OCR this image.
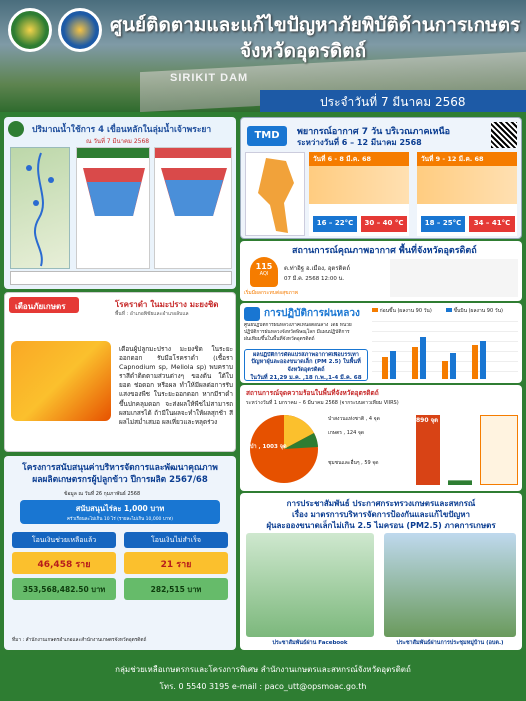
SIRIKIT DAM
ศูนย์ติดตามและแก้ไขปัญหาภัยพิบัติด้านการเกษตร
จังหวัดอุตรดิตถ์
ประจำวันที่ 7 มีนาคม 2568
ปริมาณน้ำใช้การ 4 เขื่อนหลักในลุ่มน้ำเจ้าพระยา
ณ วันที่ 7 มีนาคม 2568
TMD	พยากรณ์อากาศ 7 วัน บริเวณภาคเหนือ
ระหว่างวันที่ 6 – 12 มีนาคม 2568
วันที่ 6 - 8 มี.ค. 68
16 – 22°C	30 – 40 °C
วันที่ 9 - 12 มี.ค. 68
18 – 25°C	34 – 41°C
สถานการณ์คุณภาพอากาศ พื้นที่จังหวัดอุตรดิตถ์
115
AQI
ต.ท่าอิฐ อ.เมือง, อุตรดิตถ์
07 มี.ค. 2568 12:00 น.
เริ่มมีผลกระทบต่อสุขภาพ
เตือนภัยเกษตร	โรคราดำ ในมะปราง มะยงชิด
พื้นที่ : อำเภอพิชัยและอำเภอลับแล
เตือนผู้ปลูกมะปราง มะยงชิด ในระยะ ออกดอก รับมือโรคราดำ (เชื้อรา Capnodium sp, Meliola sp) พบคราบราสีดำติดตามส่วนต่างๆ ของต้น ใต้ใบ ยอด ช่อดอก หรือผล ทำให้มีผลต่อการรับแสงของพืช ในระยะออกดอก หากมีราดำขึ้นปกคลุมดอก จะส่งผลให้พืชไม่สามารถผสมเกสรได้ ถ้ามีในผลจะทำให้ผลสุกช้า สีผลไม่สม่ำเสมอ ผลเหี่ยวและหลุดร่วง
การปฏิบัติการฝนหลวง
ศูนย์ปฏิบัติการฝนหลวงภาคเหนือตอนล่าง โดย หน่วยปฏิบัติการฝนหลวงจังหวัดพิษณุโลก มีแผนปฏิบัติการฝนเทียมขึ้นในพื้นที่จังหวัดอุตรดิตถ์
ก่อนขึ้น (ผลงาน 90 วัน)	ขึ้นบิน (ผลงาน 90 วัน)
ผลปฏิบัติการดัดแปรสภาพอากาศเพื่อบรรเทาปัญหาฝุ่นละอองขนาดเล็ก (PM 2.5) ในพื้นที่จังหวัดอุตรดิตถ์
ในวันที่ 21,29 ม.ค. ,18 ก.พ.,1-4 มี.ค. 68
สถานการณ์จุดความร้อนในพื้นที่จังหวัดอุตรดิตถ์
ระหว่างวันที่ 1 มกราคม – 6 มีนาคม 2568 (จากระบบดาวเทียม VIIRS)
ป่า , 1003 จุด
ป่าสงวนแห่งชาติ , 4 จุด
เกษตร , 124 จุด
ชุมชนและอื่นๆ , 59 จุด
890 จุด
โครงการสนับสนุนค่าบริหารจัดการและพัฒนาคุณภาพ
ผลผลิตเกษตรกรผู้ปลูกข้าว ปีการผลิต 2567/68
ข้อมูล ณ วันที่ 26 กุมภาพันธ์ 2568
สนับสนุนไร่ละ 1,000 บาท
ครัวเรือนละไม่เกิน 10 ไร่ (รายละไม่เกิน 10,000 บาท)
โอนเงินช่วยเหลือแล้ว
46,458 ราย
353,568,482.50 บาท
โอนเงินไม่สำเร็จ
21 ราย
282,515 บาท
ที่มา : สำนักงานเกษตรอำเภอและสำนักงานเกษตรจังหวัดอุตรดิตถ์
การประชาสัมพันธ์ ประกาศกระทรวงเกษตรและสหกรณ์
เรื่อง มาตรการบริหารจัดการป้องกันและแก้ไขปัญหา
ฝุ่นละอองขนาดเล็กไม่เกิน 2.5 ไมครอน (PM2.5) ภาคการเกษตร
ประชาสัมพันธ์ผ่าน Facebook	ประชาสัมพันธ์ผ่านการประชุมหมู่บ้าน (อบต.)
กลุ่มช่วยเหลือเกษตรกรและโครงการพิเศษ สำนักงานเกษตรและสหกรณ์จังหวัดอุตรดิตถ์
โทร. 0 5540 3195 e-mail : paco_utt@opsmoac.go.th
